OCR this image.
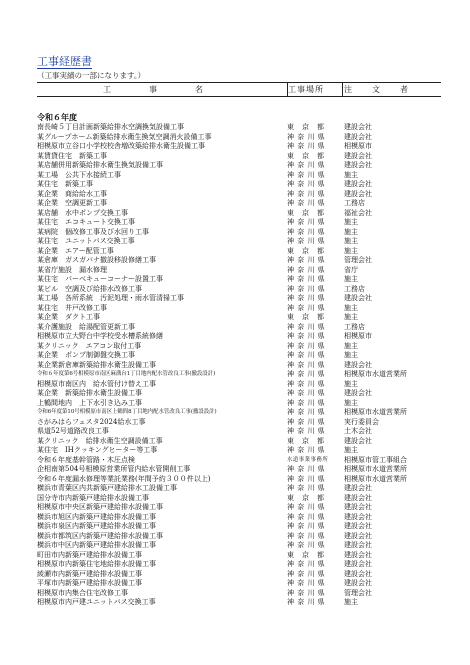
工事経歴書
（工事実績の一部になります。）
工事名	工事場所	注文者
令和６年度
南長崎５丁目計画新築給排水空調換気設備工事	東　京　都	建設会社
某グループホーム新築給排水衛生換気空調消火設備工事	神 奈 川 県	建設会社
相模原市立谷口小学校校舎増改築給排水衛生設備工事	神 奈 川 県	相模原市
某賃貸住宅　新築工事	東　京　都	建設会社
某店舗併用新築給排水衛生換気設備工事	神 奈 川 県	建設会社
某工場　公共下水接続工事	神 奈 川 県	施主
某住宅　新築工事	神 奈 川 県	建設会社
某企業　商給給水工事	神 奈 川 県	建設会社
某企業　空調更新工事	神 奈 川 県	工務店
某店舗　水中ポンプ交換工事	東　京　都	福祉会社
某住宅　エコキュート交換工事	神 奈 川 県	施主
某病院　個改修工事及び水回り工事	神 奈 川 県	施主
某住宅　ユニットバス交換工事	神 奈 川 県	施主
某企業　エアー配管工事	東　京　都	施主
某倉庫　ガスガバナ撤設移設修繕工事	神 奈 川 県	管理会社
某省庁施設　漏水修理	神 奈 川 県	省庁
某住宅　パーベキューコーナー設置工事	神 奈 川 県	施主
某ビル　空調及び給排水改修工事	神 奈 川 県	工務店
某工場　各所系統　汚泥処理・雨水管清掃工事	神 奈 川 県	建設会社
某住宅　井戸改修工事	神 奈 川 県	施主
某企業　ダクト工事	東　京　都	施主
某介護施設　給湯配管更新工事	神 奈 川 県	工務店
相模原市立大野台中学校受水槽系統修繕	神 奈 川 県	相模原市
某クリニック　エアコン取付工事	神 奈 川 県	施主
某企業　ポンプ制御盤交換工事	神 奈 川 県	施主
某企業新倉庫新築給排水衛生設備工事	神 奈 川 県	建設会社
令和６年度第6号相模原市南区麻溝台1丁目地内配水管改良工事(撤設設計)	神 奈 川 県	相模原市水道営業所
相模原市南区内　給水管付け替え工事	神 奈 川 県	施主
某企業　新築給排水衛生設備工事	神 奈 川 県	建設会社
上鶴間地内　上下水引き込み工事	神 奈 川 県	施主
令和6年度第10号相模原市南区上鶴間8丁目地内配水管改良工事(撤設設計)	神 奈 川 県	相模原市水道営業所
さがみはらフェスタ2024給水工事	神 奈 川 県	実行委員会
県道52号道路改良工事	神 奈 川 県	土木会社
某クリニック　給排水衛生空調設備工事	東　京　都	建設会社
某住宅　IHクッキングヒーター等工事	神 奈 川 県	施主
令和６年度基幹管路・木圧点検	水道事業事務所	相模原市管工事組合
企相南第504号相模原営業所管内給水管開削工事	神 奈 川 県	相模原市水道営業所
令和６年度漏水修理等業託業務(年間予約３００件以上)	神 奈 川 県	相模原市水道営業所
横浜市青葉区内共新築戸建給排水工設備工事	神 奈 川 県	建設会社
国分寺市内新築戸建給排水設備工事	東　京　都	建設会社
相模原市中央区新築戸建給排水設備工事	神 奈 川 県	建設会社
横浜市旭区内新築戸建給排水設備工事	神 奈 川 県	建設会社
横浜市泉区内新築戸建給排水設備工事	神 奈 川 県	建設会社
横浜市都筑区内新築戸建給排水設備工事	神 奈 川 県	建設会社
横浜市中区内新築戸建給排水設備工事	神 奈 川 県	建設会社
町田市内新築戸建給排水設備工事	東　京　都	建設会社
相模原市内新築住宅地給排水設備工事	神 奈 川 県	建設会社
綾瀬市内新築戸建給排水設備工事	神 奈 川 県	建設会社
平塚市内新築戸建給排水設備工事	神 奈 川 県	建設会社
相模原市内集合住宅改修工事	神 奈 川 県	管理会社
相模原市内戸建ユニットバス交換工事	神 奈 川 県	施主
